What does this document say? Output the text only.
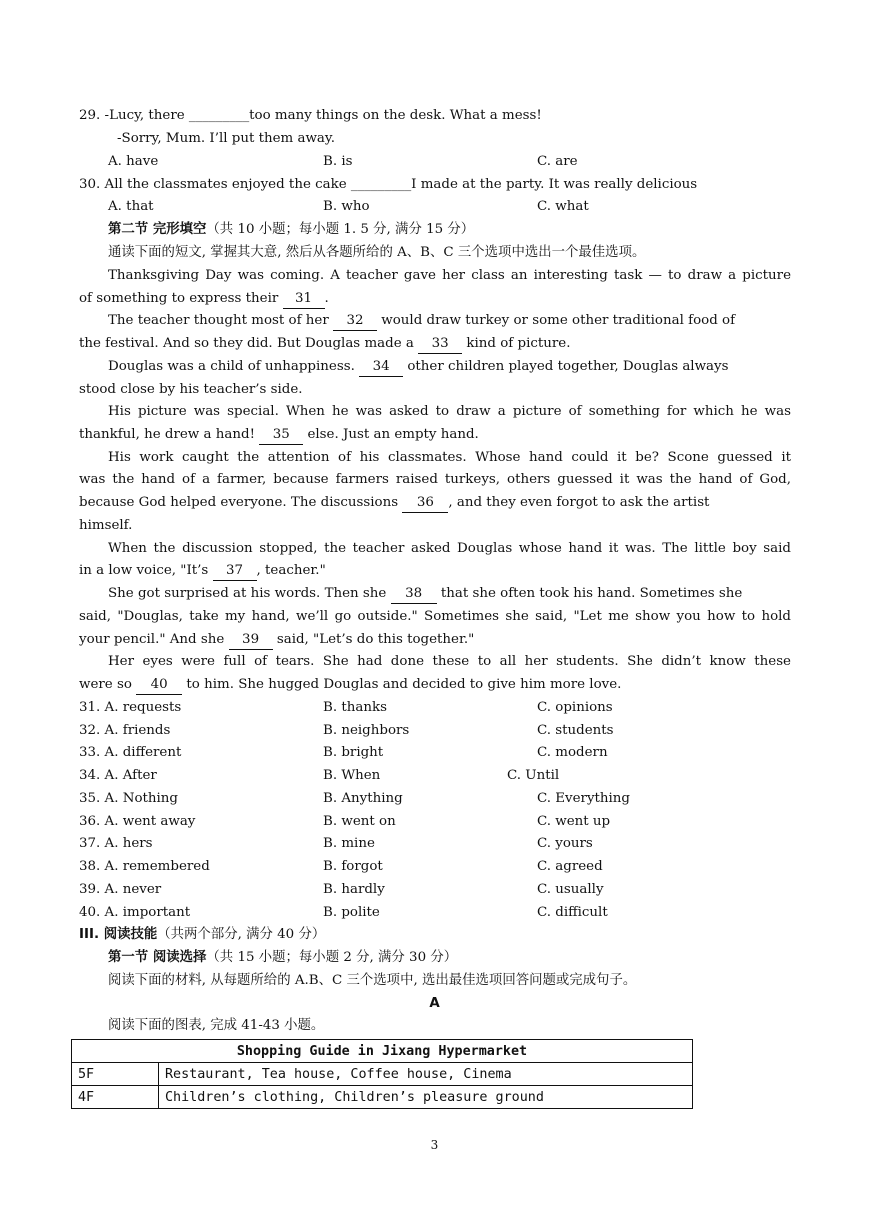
29. -Lucy, there _________too many things on the desk. What a mess!
-Sorry, Mum. I’ll put them away.
A. have	B. is	C. are
30. All the classmates enjoyed the cake _________I made at the party. It was really delicious
A. that	B. who	C. what
第二节 完形填空（共 10 小题；每小题 1. 5 分, 满分 15 分）
通读下面的短文, 掌握其大意, 然后从各题所给的 A、B、C 三个选项中选出一个最佳选项。
Thanksgiving Day was coming. A teacher gave her class an interesting task — to draw a picture
of something to express their 31 .
The teacher thought most of her 32 would draw turkey or some other traditional food of
the festival. And so they did. But Douglas made a 33 kind of picture.
Douglas was a child of unhappiness. 34 other children played together, Douglas always
stood close by his teacher’s side.
His picture was special. When he was asked to draw a picture of something for which he was
thankful, he drew a hand! 35 else. Just an empty hand.
His work caught the attention of his classmates. Whose hand could it be? Scone guessed it
was the hand of a farmer, because farmers raised turkeys, others guessed it was the hand of God,
because God helped everyone. The discussions 36 , and they even forgot to ask the artist
himself.
When the discussion stopped, the teacher asked Douglas whose hand it was. The little boy said
in a low voice, "It’s 37 , teacher."
She got surprised at his words. Then she 38 that she often took his hand. Sometimes she
said, "Douglas, take my hand, we’ll go outside." Sometimes she said, "Let me show you how to hold
your pencil." And she 39 said, "Let’s do this together."
Her eyes were full of tears. She had done these to all her students. She didn’t know these
were so 40 to him. She hugged Douglas and decided to give him more love.
31. A. requests	B. thanks	C. opinions
32. A. friends	B. neighbors	C. students
33. A. different	B. bright	C. modern
34. A. After	B. When	C. Until
35. A. Nothing	B. Anything	C. Everything
36. A. went away	B. went on	C. went up
37. A. hers	B. mine	C. yours
38. A. remembered	B. forgot	C. agreed
39. A. never	B. hardly	C. usually
40. A. important	B. polite	C. difficult
III. 阅读技能（共两个部分, 满分 40 分）
第一节 阅读选择（共 15 小题；每小题 2 分, 满分 30 分）
阅读下面的材料, 从每题所给的 A.B、C 三个选项中, 选出最佳选项回答问题或完成句子。
A
阅读下面的图表, 完成 41-43 小题。
Shopping Guide in Jixang Hypermarket	
5F	Restaurant, Tea house, Coffee house, Cinema
4F	Children’s clothing, Children’s pleasure ground
3
